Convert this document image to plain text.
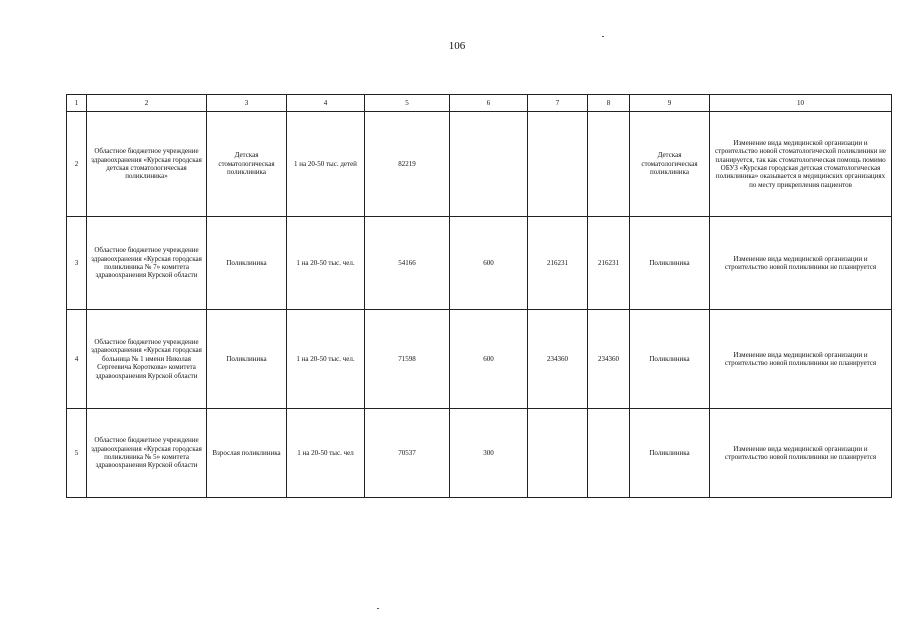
106
1	2	3	4	5	6	7	8	9	10
2	Областное бюджетное учреждение здравоохранения «Курская городская детская стоматологическая поликлиника»	Детская стоматологическая поликлиника	1 на 20-50 тыс. детей	82219				Детская стоматологическая поликлиника	Изменение вида медицинской организации и строительство новой стоматологической поликлиники не планируется, так как стоматологическая помощь помимо ОБУЗ «Курская городская детская стоматологическая поликлиника» оказывается в медицинских организациях по месту прикрепления пациентов
3	Областное бюджетное учреждение здравоохранения «Курская городская поликлиника № 7» комитета здравоохранения Курской области	Поликлиника	1 на 20-50 тыс. чел.	54166	600	216231	216231	Поликлиника	Изменение вида медицинской организации и строительство новой поликлиники не планируется
4	Областное бюджетное учреждение здравоохранения «Курская городская больница № 1 имени Николая Сергеевича Короткова» комитета здравоохранения Курской области	Поликлиника	1 на 20-50 тыс. чел.	71598	600	234360	234360	Поликлиника	Изменение вида медицинской организации и строительство новой поликлиники не планируется
5	Областное бюджетное учреждение здравоохранения «Курская городская поликлиника № 5» комитета здравоохранения Курской области	Взрослая поликлиника	1 на 20-50 тыс. чел	70537	300			Поликлиника	Изменение вида медицинской организации и строительство новой поликлиники не планируется
